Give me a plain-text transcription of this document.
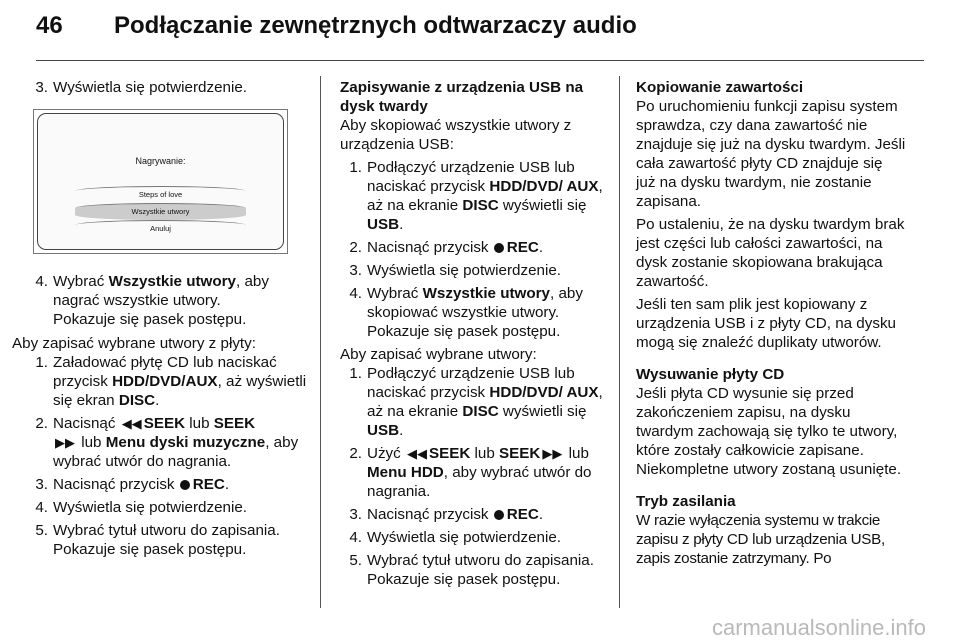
46 Podłączanie zewnętrznych odtwarzaczy audio
3. Wyświetla się potwierdzenie.
Nagrywanie:
Steps of love
Wszystkie utwory
Anuluj
4. Wybrać Wszystkie utwory, aby nagrać wszystkie utwory.
Pokazuje się pasek postępu.

Aby zapisać wybrane utwory z płyty:

1. Załadować płytę CD lub naciskać przycisk HDD/DVD/AUX, aż wyświetli się ekran DISC.
2. Nacisnąć ◀◀ SEEK lub SEEK
▶▶ lub Menu dyski muzyczne, aby wybrać utwór do nagrania.
3. Nacisnąć przycisk REC.
4. Wyświetla się potwierdzenie.
5. Wybrać tytuł utworu do zapisania.
Pokazuje się pasek postępu.

Zapisywanie z urządzenia USB na dysk twardy

Aby skopiować wszystkie utwory z urządzenia USB:

1. Podłączyć urządzenie USB lub naciskać przycisk HDD/DVD/ AUX, aż na ekranie DISC wyświetli się USB.
2. Nacisnąć przycisk REC.
3. Wyświetla się potwierdzenie.
4. Wybrać Wszystkie utwory, aby skopiować wszystkie utwory.
Pokazuje się pasek postępu.

Aby zapisać wybrane utwory:

1. Podłączyć urządzenie USB lub naciskać przycisk HDD/DVD/ AUX, aż na ekranie DISC wyświetli się USB.
2. Użyć ◀◀ SEEK lub SEEK ▶▶ lub Menu HDD, aby wybrać utwór do nagrania.
3. Nacisnąć przycisk REC.
4. Wyświetla się potwierdzenie.
5. Wybrać tytuł utworu do zapisania.
Pokazuje się pasek postępu.

Kopiowanie zawartości

Po uruchomieniu funkcji zapisu system sprawdza, czy dana zawartość nie znajduje się już na dysku twardym. Jeśli cała zawartość płyty CD znajduje się już na dysku twardym, nie zostanie zapisana.

Po ustaleniu, że na dysku twardym brak jest części lub całości zawartości, na dysk zostanie skopiowana brakująca zawartość.

Jeśli ten sam plik jest kopiowany z urządzenia USB i z płyty CD, na dysku mogą się znaleźć duplikaty utworów.

Wysuwanie płyty CD

Jeśli płyta CD wysunie się przed zakończeniem zapisu, na dysku twardym zachowają się tylko te utwory, które zostały całkowicie zapisane. Niekompletne utwory zostaną usunięte.

Tryb zasilania

W razie wyłączenia systemu w trakcie zapisu z płyty CD lub urządzenia USB, zapis zostanie zatrzymany. Po

carmanualsonline.info
